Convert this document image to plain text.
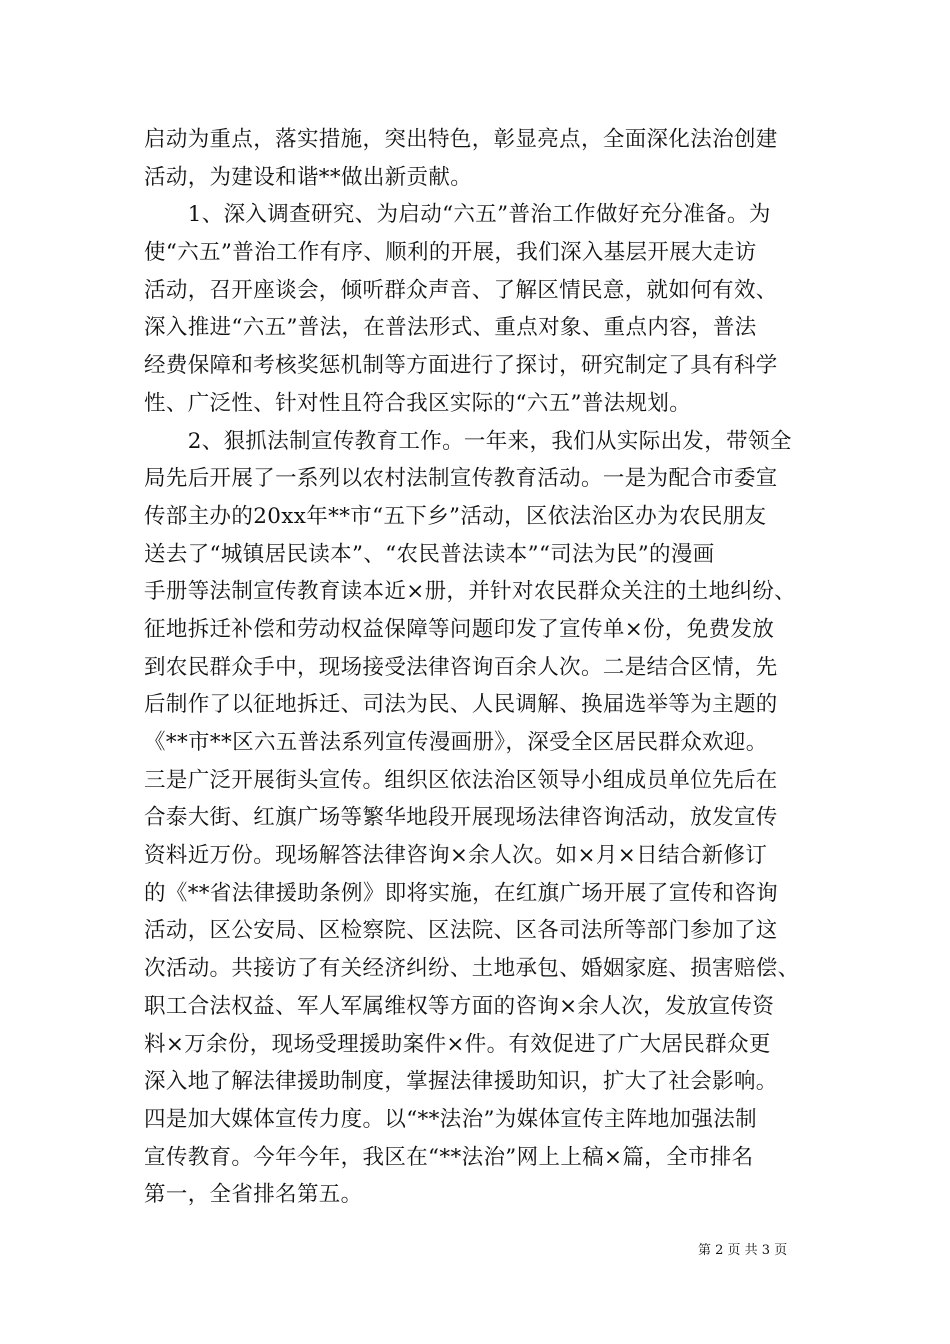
启动为重点，落实措施，突出特色，彰显亮点，全面深化法治创建
活动，为建设和谐**做出新贡献。
　　1、深入调查研究、为启动“六五”普治工作做好充分准备。为
使“六五”普治工作有序、顺利的开展，我们深入基层开展大走访
活动，召开座谈会，倾听群众声音、了解区情民意，就如何有效、
深入推进“六五”普法，在普法形式、重点对象、重点内容，普法
经费保障和考核奖惩机制等方面进行了探讨，研究制定了具有科学
性、广泛性、针对性且符合我区实际的“六五”普法规划。
　　2、狠抓法制宣传教育工作。一年来，我们从实际出发，带领全
局先后开展了一系列以农村法制宣传教育活动。一是为配合市委宣
传部主办的20xx年**市“五下乡”活动，区依法治区办为农民朋友
送去了“城镇居民读本”、“农民普法读本”“司法为民”的漫画
手册等法制宣传教育读本近×册，并针对农民群众关注的土地纠纷、
征地拆迁补偿和劳动权益保障等问题印发了宣传单×份，免费发放
到农民群众手中，现场接受法律咨询百余人次。二是结合区情，先
后制作了以征地拆迁、司法为民、人民调解、换届选举等为主题的
《**市**区六五普法系列宣传漫画册》，深受全区居民群众欢迎。
三是广泛开展街头宣传。组织区依法治区领导小组成员单位先后在
合泰大街、红旗广场等繁华地段开展现场法律咨询活动，放发宣传
资料近万份。现场解答法律咨询×余人次。如×月×日结合新修订
的《**省法律援助条例》即将实施，在红旗广场开展了宣传和咨询
活动，区公安局、区检察院、区法院、区各司法所等部门参加了这
次活动。共接访了有关经济纠纷、土地承包、婚姻家庭、损害赔偿、
职工合法权益、军人军属维权等方面的咨询×余人次，发放宣传资
料×万余份，现场受理援助案件×件。有效促进了广大居民群众更
深入地了解法律援助制度，掌握法律援助知识，扩大了社会影响。
四是加大媒体宣传力度。以“**法治”为媒体宣传主阵地加强法制
宣传教育。今年今年，我区在“**法治”网上上稿×篇，全市排名
第一，全省排名第五。
第 2 页 共 3 页
